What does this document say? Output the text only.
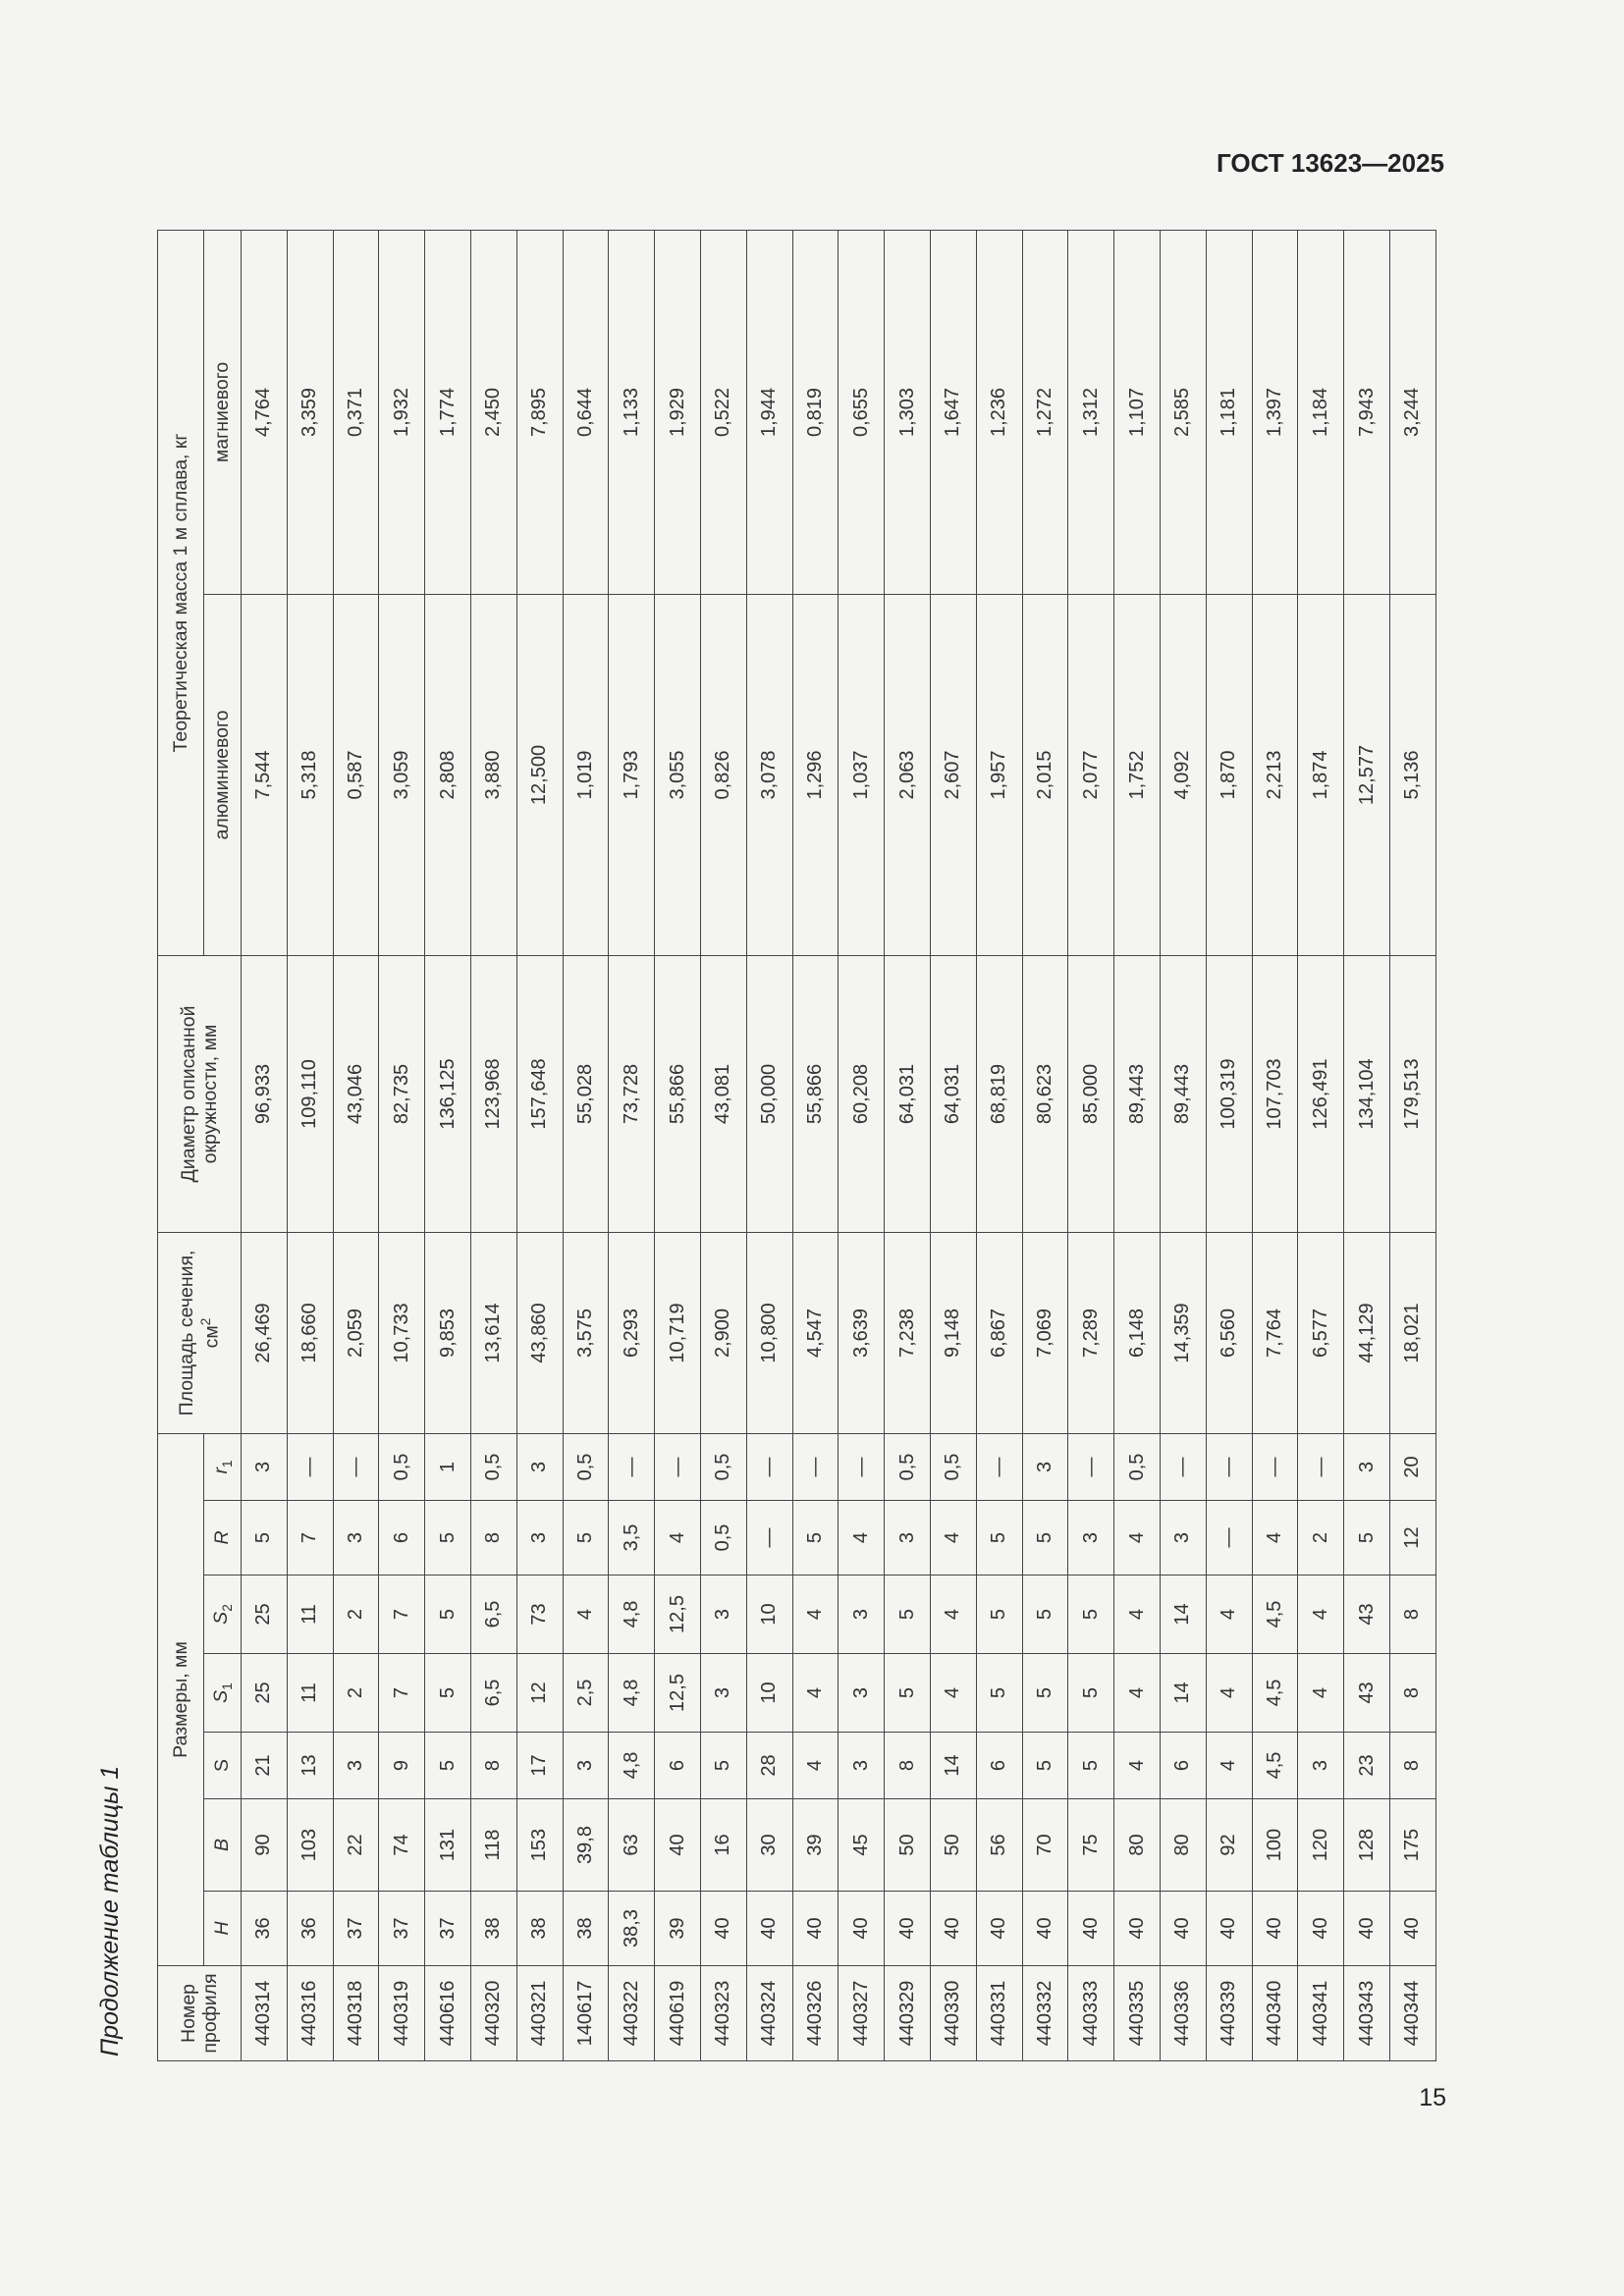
ГОСТ 13623—2025
Продолжение таблицы 1	Номер профиля	Размеры, мм							Площадь сечения, $см^2$	Диаметр описанной окружности, мм	Теоретическая масса 1 м сплава, кг	
	H	B	S	$S_1$	$S_2$	R	$r_1$			алюминиевого	магниевого
440314	36	90	21	25	25	5	3	26,469	96,933	7,544	4,764
440316	36	103	13	11	11	7	—	18,660	109,110	5,318	3,359
440318	37	22	3	2	2	3	—	2,059	43,046	0,587	0,371
440319	37	74	9	7	7	6	0,5	10,733	82,735	3,059	1,932
440616	37	131	5	5	5	5	1	9,853	136,125	2,808	1,774
440320	38	118	8	6,5	6,5	8	0,5	13,614	123,968	3,880	2,450
440321	38	153	17	12	73	3	3	43,860	157,648	12,500	7,895
140617	38	39,8	3	2,5	4	5	0,5	3,575	55,028	1,019	0,644
440322	38,3	63	4,8	4,8	4,8	3,5	—	6,293	73,728	1,793	1,133
440619	39	40	6	12,5	12,5	4	—	10,719	55,866	3,055	1,929
440323	40	16	5	3	3	0,5	0,5	2,900	43,081	0,826	0,522
440324	40	30	28	10	10	—	—	10,800	50,000	3,078	1,944
440326	40	39	4	4	4	5	—	4,547	55,866	1,296	0,819
440327	40	45	3	3	3	4	—	3,639	60,208	1,037	0,655
440329	40	50	8	5	5	3	0,5	7,238	64,031	2,063	1,303
440330	40	50	14	4	4	4	0,5	9,148	64,031	2,607	1,647
440331	40	56	6	5	5	5	—	6,867	68,819	1,957	1,236
440332	40	70	5	5	5	5	3	7,069	80,623	2,015	1,272
440333	40	75	5	5	5	3	—	7,289	85,000	2,077	1,312
440335	40	80	4	4	4	4	0,5	6,148	89,443	1,752	1,107
440336	40	80	6	14	14	3	—	14,359	89,443	4,092	2,585
440339	40	92	4	4	4	—	—	6,560	100,319	1,870	1,181
440340	40	100	4,5	4,5	4,5	4	—	7,764	107,703	2,213	1,397
440341	40	120	3	4	4	2	—	6,577	126,491	1,874	1,184
440343	40	128	23	43	43	5	3	44,129	134,104	12,577	7,943
440344	40	175	8	8	8	12	20	18,021	179,513	5,136	3,244
15
